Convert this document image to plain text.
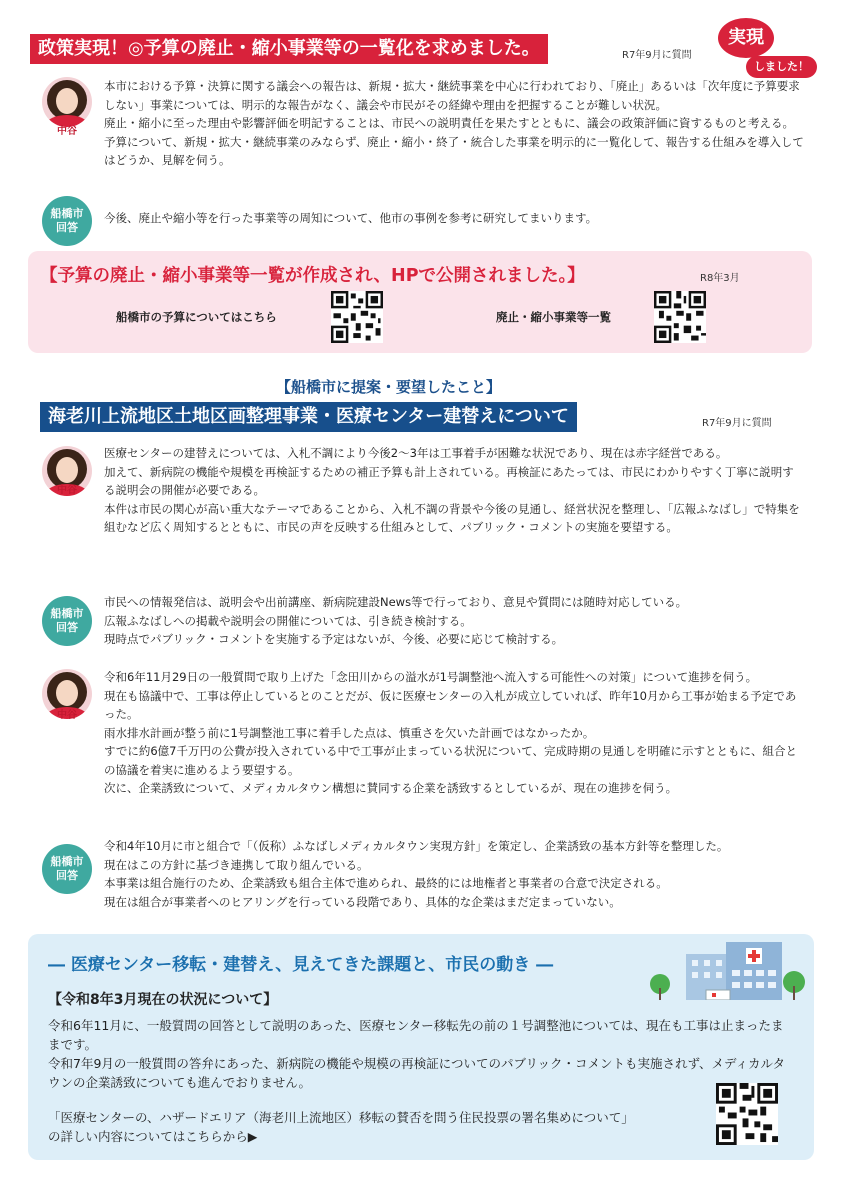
政策実現！◎予算の廃止・縮小事業等の一覧化を求めました。	R7年9月に質問
実現
しました！
中谷

本市における予算・決算に関する議会への報告は、新規・拡大・継続事業を中心に行われており、「廃止」あるいは「次年度に予算要求しない」事業については、明示的な報告がなく、議会や市民がその経緯や理由を把握することが難しい状況。

廃止・縮小に至った理由や影響評価を明記することは、市民への説明責任を果たすとともに、議会の政策評価に資するものと考える。

予算について、新規・拡大・継続事業のみならず、廃止・縮小・終了・統合した事業を明示的に一覧化して、報告する仕組みを導入してはどうか、見解を伺う。

船橋市
回答

今後、廃止や縮小等を行った事業等の周知について、他市の事例を参考に研究してまいります。

【予算の廃止・縮小事業等一覧が作成され、HPで公開されました。】	R8年3月
船橋市の予算についてはこちら	廃止・縮小事業等一覧
【船橋市に提案・要望したこと】
海老川上流地区土地区画整理事業・医療センター建替えについて	R7年9月に質問
中谷

医療センターの建替えについては、入札不調により今後2～3年は工事着手が困難な状況であり、現在は赤字経営である。

加えて、新病院の機能や規模を再検証するための補正予算も計上されている。再検証にあたっては、市民にわかりやすく丁寧に説明する説明会の開催が必要である。

本件は市民の関心が高い重大なテーマであることから、入札不調の背景や今後の見通し、経営状況を整理し、「広報ふなばし」で特集を組むなど広く周知するとともに、市民の声を反映する仕組みとして、パブリック・コメントの実施を要望する。

船橋市
回答

市民への情報発信は、説明会や出前講座、新病院建設News等で行っており、意見や質問には随時対応している。

広報ふなばしへの掲載や説明会の開催については、引き続き検討する。

現時点でパブリック・コメントを実施する予定はないが、今後、必要に応じて検討する。

中谷

令和6年11月29日の一般質問で取り上げた「念田川からの溢水が1号調整池へ流入する可能性への対策」について進捗を伺う。

現在も協議中で、工事は停止しているとのことだが、仮に医療センターの入札が成立していれば、昨年10月から工事が始まる予定であった。

雨水排水計画が整う前に1号調整池工事に着手した点は、慎重さを欠いた計画ではなかったか。

すでに約6億7千万円の公費が投入されている中で工事が止まっている状況について、完成時期の見通しを明確に示すとともに、組合との協議を着実に進めるよう要望する。

次に、企業誘致について、メディカルタウン構想に賛同する企業を誘致するとしているが、現在の進捗を伺う。

船橋市
回答

令和4年10月に市と組合で「（仮称）ふなばしメディカルタウン実現方針」を策定し、企業誘致の基本方針等を整理した。

現在はこの方針に基づき連携して取り組んでいる。

本事業は組合施行のため、企業誘致も組合主体で進められ、最終的には地権者と事業者の合意で決定される。

現在は組合が事業者へのヒアリングを行っている段階であり、具体的な企業はまだ定まっていない。

― 医療センター移転・建替え、見えてきた課題と、市民の動き ―
【令和8年3月現在の状況について】

令和6年11月に、一般質問の回答として説明のあった、医療センター移転先の前の１号調整池については、現在も工事は止まったままです。

令和7年9月の一般質問の答弁にあった、新病院の機能や規模の再検証についてのパブリック・コメントも実施されず、メディカルタウンの企業誘致についても進んでおりません。

「医療センターの、ハザードエリア（海老川上流地区）移転の賛否を問う住民投票の署名集めについて」
の詳しい内容についてはこちらから▶
